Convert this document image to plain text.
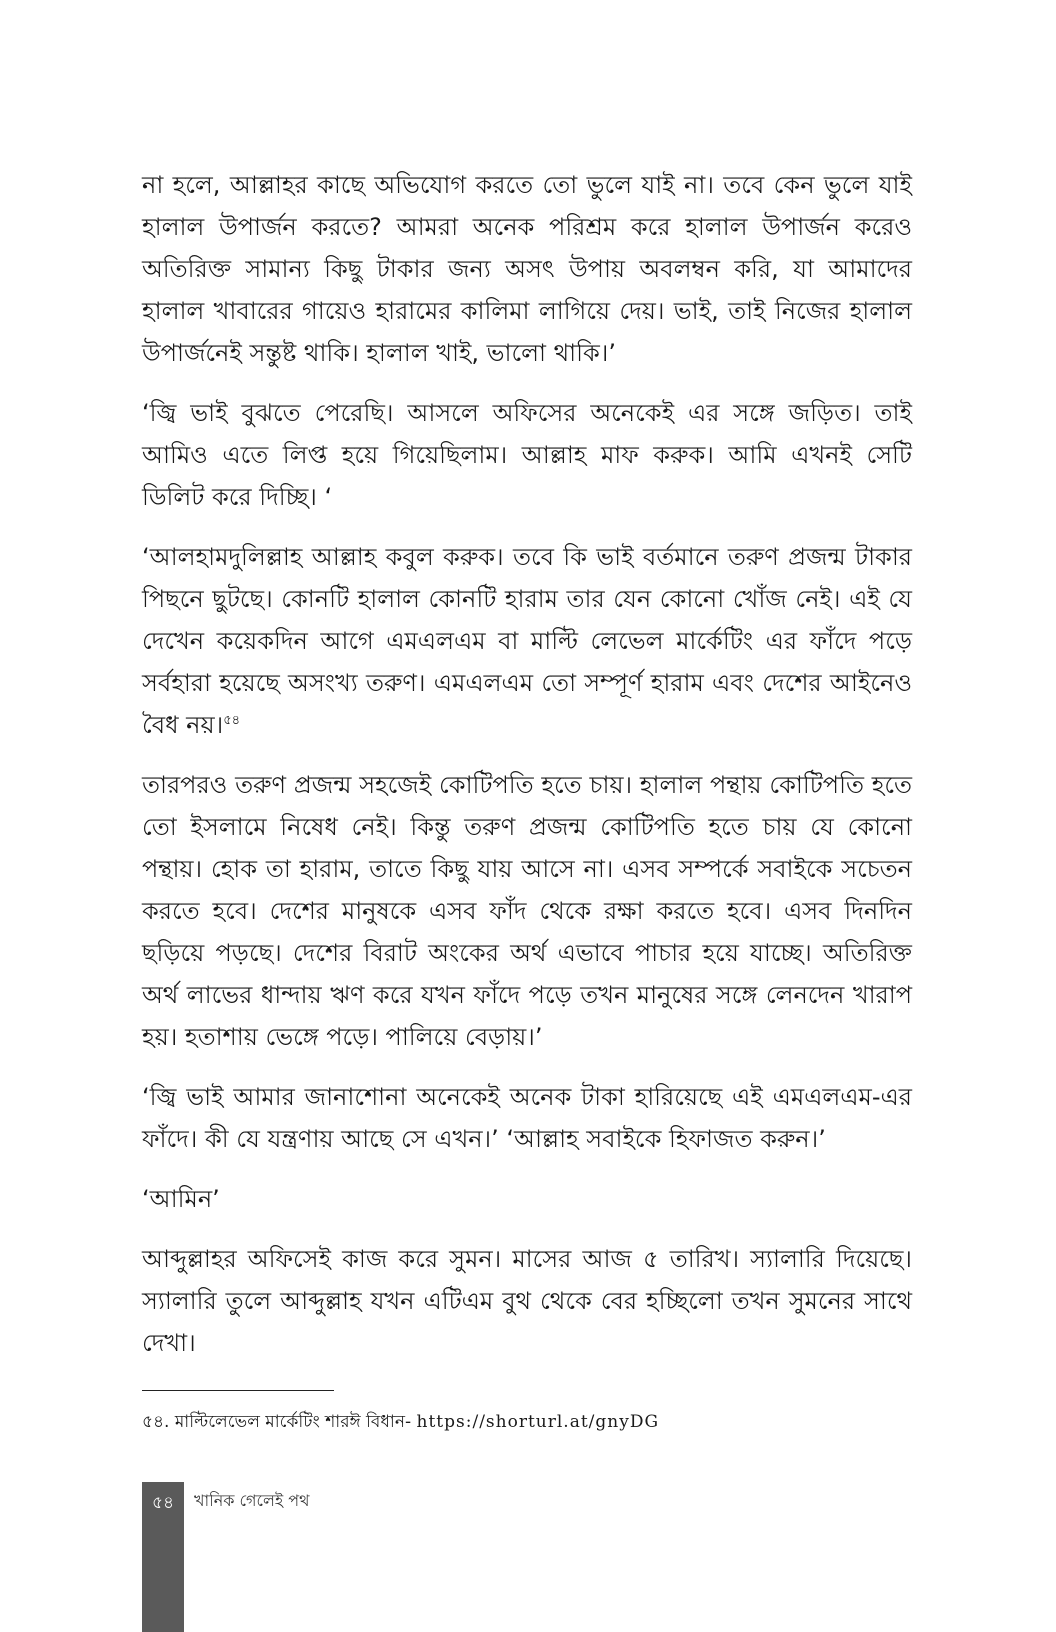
না হলে, আল্লাহর কাছে অভিযোগ করতে তো ভুলে যাই না। তবে কেন ভুলে যাই হালাল উপার্জন করতে? আমরা অনেক পরিশ্রম করে হালাল উপার্জন করেও অতিরিক্ত সামান্য কিছু টাকার জন্য অসৎ উপায় অবলম্বন করি, যা আমাদের হালাল খাবারের গায়েও হারামের কালিমা লাগিয়ে দেয়। ভাই, তাই নিজের হালাল উপার্জনেই সন্তুষ্ট থাকি। হালাল খাই, ভালো থাকি।’

‘জ্বি ভাই বুঝতে পেরেছি। আসলে অফিসের অনেকেই এর সঙ্গে জড়িত। তাই আমিও এতে লিপ্ত হয়ে গিয়েছিলাম। আল্লাহ মাফ করুক। আমি এখনই সেটি ডিলিট করে দিচ্ছি। ‘

‘আলহামদুলিল্লাহ আল্লাহ কবুল করুক। তবে কি ভাই বর্তমানে তরুণ প্রজন্ম টাকার পিছনে ছুটছে। কোনটি হালাল কোনটি হারাম তার যেন কোনো খোঁজ নেই। এই যে দেখেন কয়েকদিন আগে এমএলএম বা মাল্টি লেভেল মার্কেটিং এর ফাঁদে পড়ে সর্বহারা হয়েছে অসংখ্য তরুণ। এমএলএম তো সম্পূর্ণ হারাম এবং দেশের আইনেও বৈধ নয়।$^{৫৪}$

তারপরও তরুণ প্রজন্ম সহজেই কোটিপতি হতে চায়। হালাল পন্থায় কোটিপতি হতে তো ইসলামে নিষেধ নেই। কিন্তু তরুণ প্রজন্ম কোটিপতি হতে চায় যে কোনো পন্থায়। হোক তা হারাম, তাতে কিছু যায় আসে না। এসব সম্পর্কে সবাইকে সচেতন করতে হবে। দেশের মানুষকে এসব ফাঁদ থেকে রক্ষা করতে হবে। এসব দিনদিন ছড়িয়ে পড়ছে। দেশের বিরাট অংকের অর্থ এভাবে পাচার হয়ে যাচ্ছে। অতিরিক্ত অর্থ লাভের ধান্দায় ঋণ করে যখন ফাঁদে পড়ে তখন মানুষের সঙ্গে লেনদেন খারাপ হয়। হতাশায় ভেঙ্গে পড়ে। পালিয়ে বেড়ায়।’

‘জ্বি ভাই আমার জানাশোনা অনেকেই অনেক টাকা হারিয়েছে এই এমএলএম-এর ফাঁদে। কী যে যন্ত্রণায় আছে সে এখন।’ ‘আল্লাহ সবাইকে হিফাজত করুন।’

‘আমিন’

আব্দুল্লাহর অফিসেই কাজ করে সুমন। মাসের আজ ৫ তারিখ। স্যালারি দিয়েছে। স্যালারি তুলে আব্দুল্লাহ যখন এটিএম বুথ থেকে বের হচ্ছিলো তখন সুমনের সাথে দেখা।

৫৪. মাল্টিলেভেল মার্কেটিং শারঈ বিধান- https://shorturl.at/gnyDG
৫৪	খানিক গেলেই পথ
